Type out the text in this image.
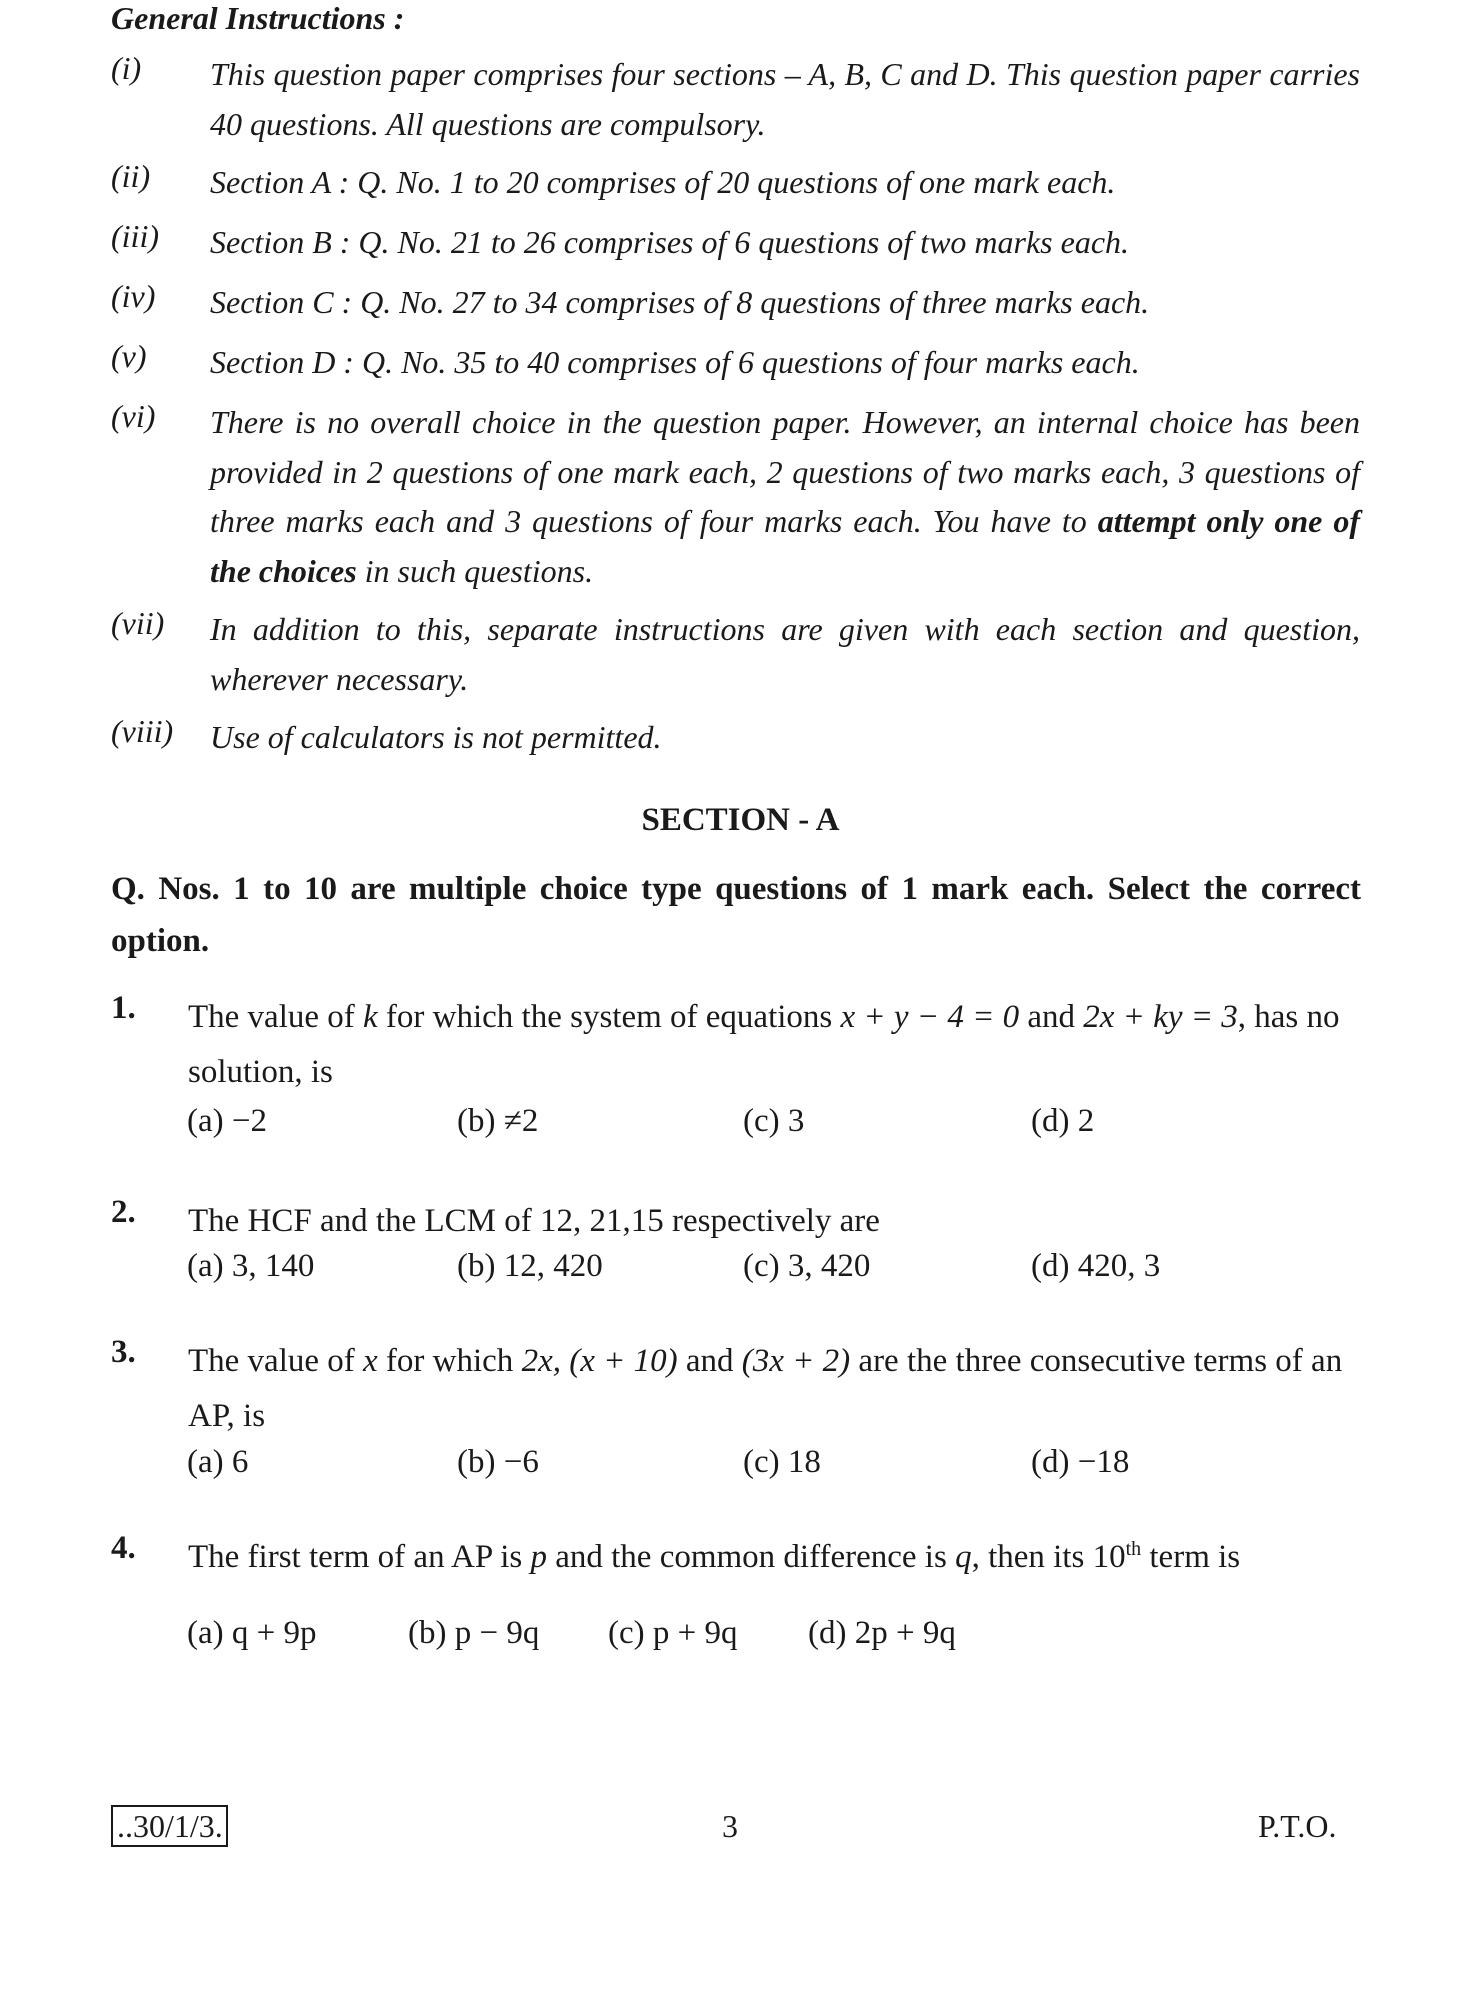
General Instructions :
(i) This question paper comprises four sections – A, B, C and D. This question paper carries 40 questions. All questions are compulsory.
(ii) Section A : Q. No. 1 to 20 comprises of 20 questions of one mark each.
(iii) Section B : Q. No. 21 to 26 comprises of 6 questions of two marks each.
(iv) Section C : Q. No. 27 to 34 comprises of 8 questions of three marks each.
(v) Section D : Q. No. 35 to 40 comprises of 6 questions of four marks each.
(vi) There is no overall choice in the question paper. However, an internal choice has been provided in 2 questions of one mark each, 2 questions of two marks each, 3 questions of three marks each and 3 questions of four marks each. You have to attempt only one of the choices in such questions.
(vii) In addition to this, separate instructions are given with each section and question, wherever necessary.
(viii) Use of calculators is not permitted.
SECTION - A
Q. Nos. 1 to 10 are multiple choice type questions of 1 mark each. Select the correct option.
1. The value of k for which the system of equations x + y − 4 = 0 and 2x + ky = 3, has no solution, is
(a) −2	(b) ≠2	(c) 3	(d) 2
2. The HCF and the LCM of 12, 21,15 respectively are
(a) 3, 140	(b) 12, 420	(c) 3, 420	(d) 420, 3
3. The value of x for which 2x, (x + 10) and (3x + 2) are the three consecutive terms of an AP, is
(a) 6	(b) −6	(c) 18	(d) −18
4. The first term of an AP is p and the common difference is q, then its 10th term is
(a) q + 9p	(b) p − 9q (c) p + 9q (d) 2p + 9q
..30/1/3.	3	P.T.O.
